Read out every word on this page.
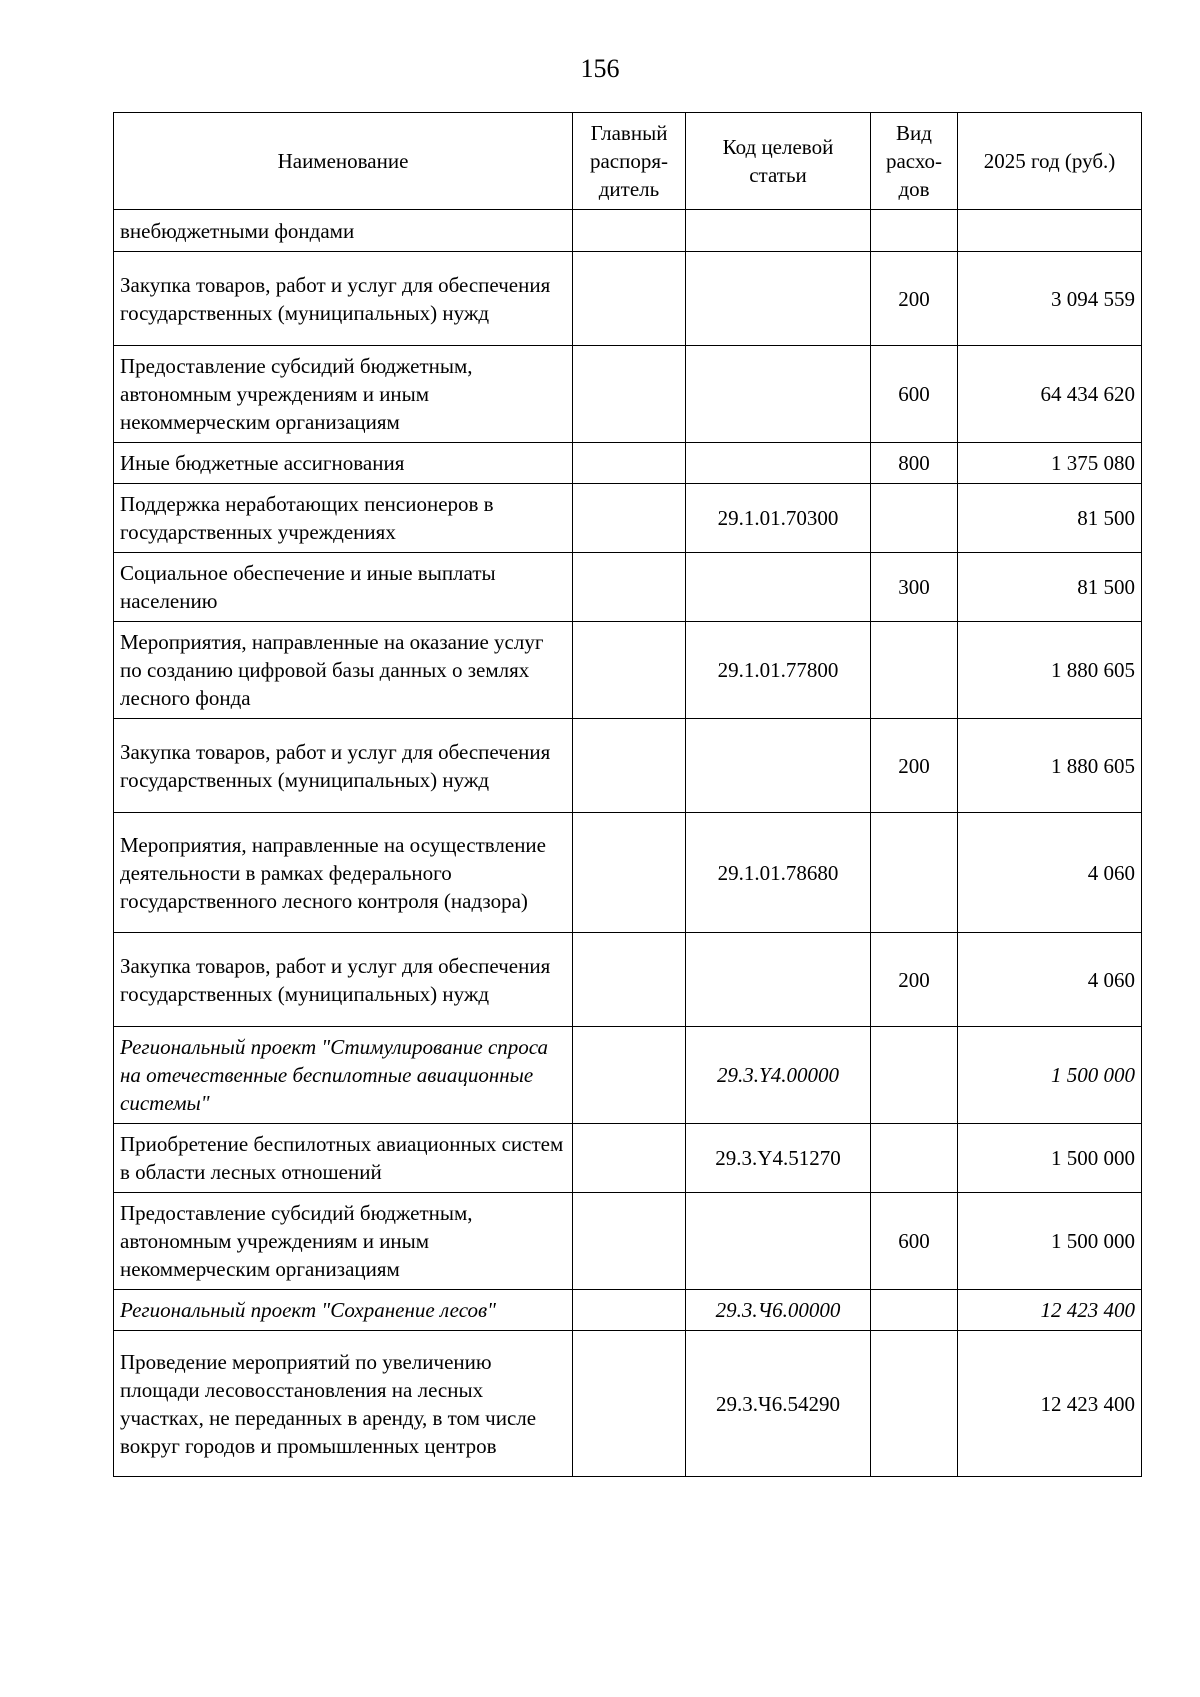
156
Наименование	Главный распоря-дитель	Код целевой статьи	Вид расхо-дов	2025 год (руб.)
внебюджетными фондами				
Закупка товаров, работ и услуг для обеспечения государственных (муниципальных) нужд			200	3 094 559
Предоставление субсидий бюджетным, автономным учреждениям и иным некоммерческим организациям			600	64 434 620
Иные бюджетные ассигнования			800	1 375 080
Поддержка неработающих пенсионеров в государственных учреждениях		29.1.01.70300		81 500
Социальное обеспечение и иные выплаты населению			300	81 500
Мероприятия, направленные на оказание услуг по созданию цифровой базы данных о землях лесного фонда		29.1.01.77800		1 880 605
Закупка товаров, работ и услуг для обеспечения государственных (муниципальных) нужд			200	1 880 605
Мероприятия, направленные на осуществление деятельности в рамках федерального государственного лесного контроля (надзора)		29.1.01.78680		4 060
Закупка товаров, работ и услуг для обеспечения государственных (муниципальных) нужд			200	4 060
Региональный проект "Стимулирование спроса на отечественные беспилотные авиационные системы"		29.3.Y4.00000		1 500 000
Приобретение беспилотных авиационных систем в области лесных отношений		29.3.Y4.51270		1 500 000
Предоставление субсидий бюджетным, автономным учреждениям и иным некоммерческим организациям			600	1 500 000
Региональный проект "Сохранение лесов"		29.3.Ч6.00000		12 423 400
Проведение мероприятий по увеличению площади лесовосстановления на лесных участках, не переданных в аренду, в том числе вокруг городов и промышленных центров		29.3.Ч6.54290		12 423 400
